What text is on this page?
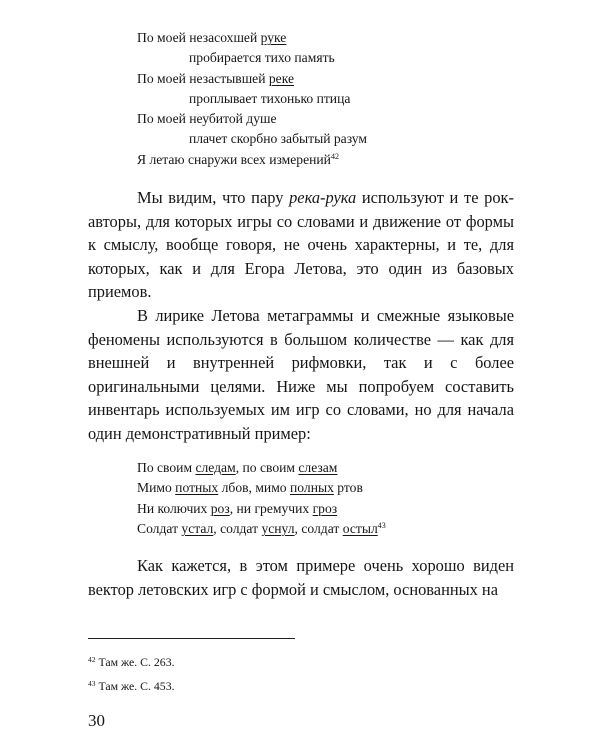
По моей незасохшей руке
пробирается тихо память
По моей незастывшей реке
проплывает тихонько птица
По моей неубитой душе
плачет скорбно забытый разум
Я летаю снаружи всех измерений$^{42}$

Мы видим, что пару река-рука используют и те рок-авторы, для которых игры со словами и движение от формы к смыслу, вообще говоря, не очень характерны, и те, для которых, как и для Егора Летова, это один из базовых приемов.

В лирике Летова метаграммы и смежные языковые феномены используются в большом количестве — как для внешней и внутренней рифмовки, так и с более оригинальными целями. Ниже мы попробуем составить инвентарь используемых им игр со словами, но для начала один демонстративный пример:

Как кажется, в этом примере очень хорошо виден вектор летовских игр с формой и смыслом, основанных на

По своим следам, по своим слезам
Мимо потных лбов, мимо полных ртов
Ни колючих роз, ни гремучих гроз
Солдат устал, солдат уснул, солдат остыл$^{43}$
$^{42}$ Там же. С. 263.
$^{43}$ Там же. С. 453.
30
